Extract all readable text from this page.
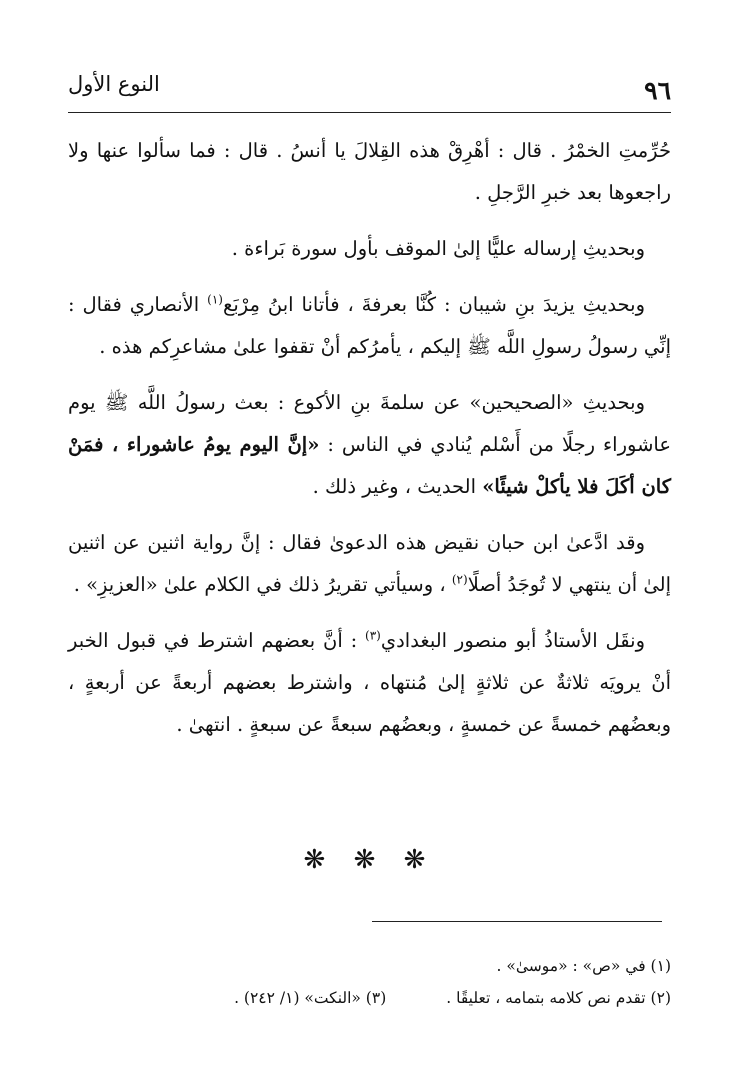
٩٦
النوع الأول

حُرِّمتِ الخمْرُ . قال : أهْرِقْ هذه القِلالَ يا أنسُ . قال : فما سألوا عنها ولا راجعوها بعد خبرِ الرَّجلِ .

وبحديثِ إرساله عليًّا إلىٰ الموقف بأول سورة بَراءة .

وبحديثِ يزيدَ بنِ شيبان : كُنَّا بعرفةَ ، فأتانا ابنُ مِرْبَع$^{(١)}$ الأنصاري فقال : إنِّي رسولُ رسولِ اللَّه ﷺ إليكم ، يأمرُكم أنْ تقفوا علىٰ مشاعرِكم هذه .

وبحديثِ «الصحيحين» عن سلمةَ بنِ الأكوع : بعث رسولُ اللَّه ﷺ يوم عاشوراء رجلًا من أَسْلم يُنادي في الناس : «إنَّ اليوم يومُ عاشوراء ، فمَنْ كان أكَلَ فلا يأكلْ شيئًا» الحديث ، وغير ذلك .

وقد ادَّعىٰ ابن حبان نقيض هذه الدعوىٰ فقال : إنَّ رواية اثنين عن اثنين إلىٰ أن ينتهي لا تُوجَدُ أصلًا$^{(٢)}$ ، وسيأتي تقريرُ ذلك في الكلام علىٰ «العزيزِ» .

ونقَل الأستاذُ أبو منصور البغدادي$^{(٣)}$ : أنَّ بعضهم اشترط في قبول الخبر أنْ يرويَه ثلاثةٌ عن ثلاثةٍ إلىٰ مُنتهاه ، واشترط بعضهم أربعةً عن أربعةٍ ، وبعضُهم خمسةً عن خمسةٍ ، وبعضُهم سبعةً عن سبعةٍ . انتهىٰ .

❋ ❋ ❋
(١) في «ص» : «موسىٰ» .
(٢) تقدم نص كلامه بتمامه ، تعليقًا .
(٣) «النكت» (١/ ٢٤٢) .
